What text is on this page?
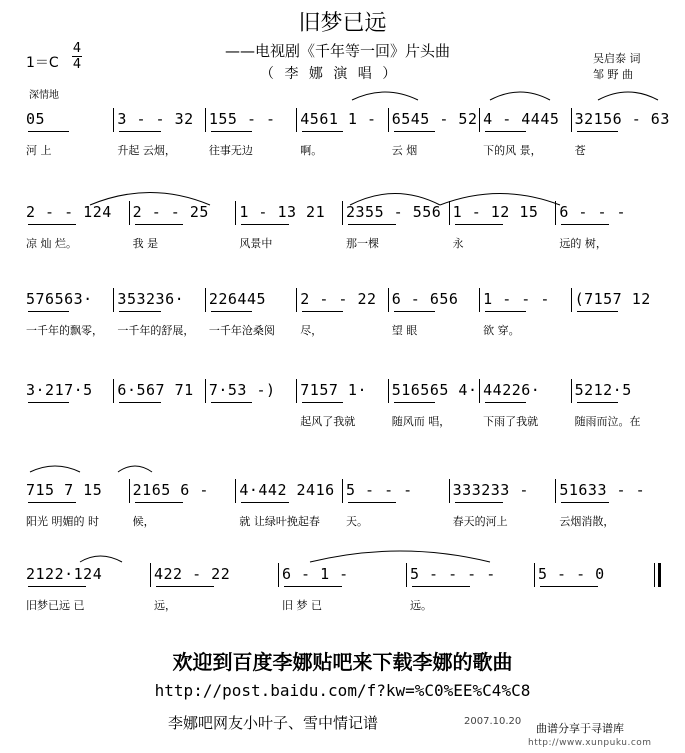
旧梦已远
——电视剧《千年等一回》片头曲
（ 李 娜 演 唱 ）
1＝C
4
4
深情地
吴启泰 词
邹 野 曲
05
河 上
3 - - 32
升起 云烟，
155 - -
往事无边
4561 1 -
啊。
6545 - 52
云 烟
4 - 4445
下的风 景，
32156 - 63
苍
2 - - 124
凉 灿 烂。
2 - - 25
我 是
1 - 13 21
风景中
2355 - 556
那一棵
1 - 12 15
永
6 - - -
远的 树，
576563·
一千年的飘零，
353236·
一千年的舒展，
226445
一千年沧桑阅
2 - - 22
尽，
6 - 656
望 眼
1 - - -
欲 穿。
(7157 12
3·217·5 6·567 71 7·53 -) 7157 1·
起风了我就
516565 4·
随风而 唱，
44226·
下雨了我就
5212·5
随雨而泣。在
715 7 15
阳光 明媚的 时
2165 6 -
候，
4·442 2416
就 让绿叶挽起春
5 - - -
天。
333233 -
春天的河上
51633 - -
云烟消散，
2122·124
旧梦已远 已
422 - 22
远，
6 - 1 -
旧 梦 已
5 - - - -
远。
5 - - 0
欢迎到百度李娜贴吧来下载李娜的歌曲
http://post.baidu.com/f?kw=%C0%EE%C4%C8
李娜吧网友小叶子、雪中情记谱	2007.10.20
曲谱分享于寻谱库
http://www.xunpuku.com
